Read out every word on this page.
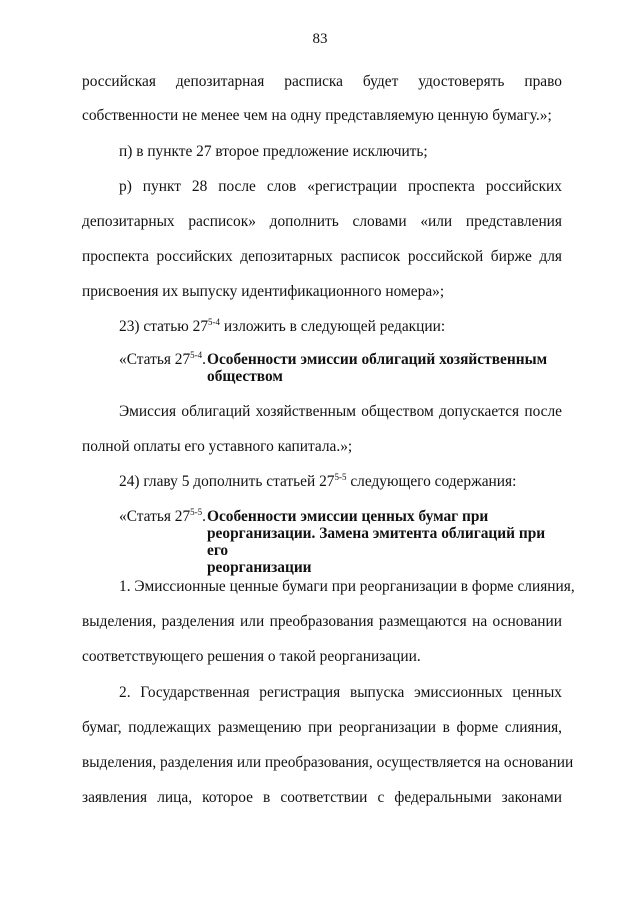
83
российская депозитарная расписка будет удостоверять право
собственности не менее чем на одну представляемую ценную бумагу.»;
п) в пункте 27 второе предложение исключить;
р) пункт 28 после слов «регистрации проспекта российских
депозитарных расписок» дополнить словами «или представления
проспекта российских депозитарных расписок российской бирже для
присвоения их выпуску идентификационного номера»;
23) статью 27$^{5-4}$ изложить в следующей редакции:
«Статья 27$^{5-4}$. Особенности эмиссии облигаций хозяйственным
обществом
Эмиссия облигаций хозяйственным обществом допускается после
полной оплаты его уставного капитала.»;
24) главу 5 дополнить статьей 27$^{5-5}$ следующего содержания:
«Статья 27$^{5-5}$. Особенности эмиссии ценных бумаг при
реорганизации. Замена эмитента облигаций при его
реорганизации
1. Эмиссионные ценные бумаги при реорганизации в форме слияния,
выделения, разделения или преобразования размещаются на основании
соответствующего решения о такой реорганизации.
2. Государственная регистрация выпуска эмиссионных ценных
бумаг, подлежащих размещению при реорганизации в форме слияния,
выделения, разделения или преобразования, осуществляется на основании
заявления лица, которое в соответствии с федеральными законами
